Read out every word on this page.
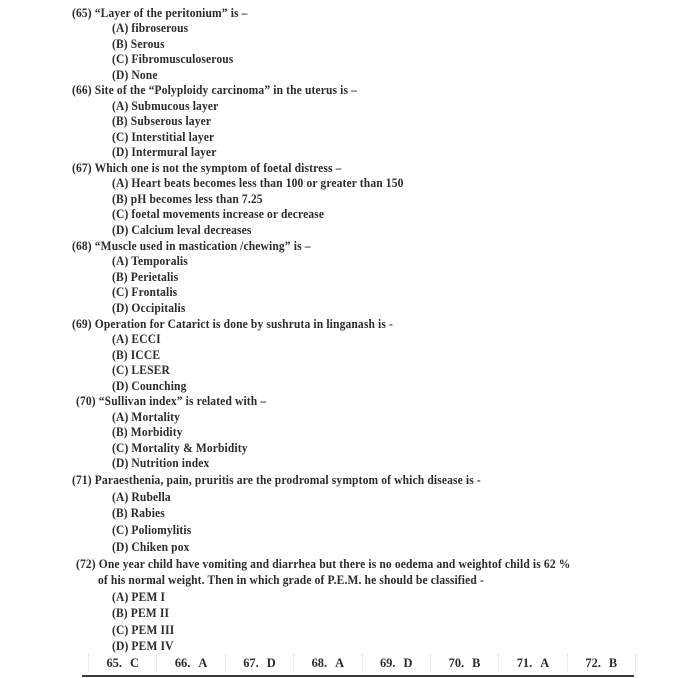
(65) “Layer of the peritonium” is –
(A) fibroserous
(B) Serous
(C) Fibromusculoserous
(D) None
(66) Site of the “Polyploidy carcinoma” in the uterus is –
(A) Submucous layer
(B) Subserous layer
(C) Interstitial layer
(D) Intermural layer
(67) Which one is not the symptom of foetal distress –
(A) Heart beats becomes less than 100 or greater than 150
(B) pH becomes less than 7.25
(C) foetal movements increase or decrease
(D) Calcium leval decreases
(68) “Muscle used in mastication /chewing” is –
(A) Temporalis
(B) Perietalis
(C) Frontalis
(D) Occipitalis
(69) Operation for Catarict is done by sushruta in linganash is -
(A) ECCI
(B) ICCE
(C) LESER
(D) Counching
(70) “Sullivan index” is related with –
(A) Mortality
(B) Morbidity
(C) Mortality & Morbidity
(D) Nutrition index
(71) Paraesthenia, pain, pruritis are the prodromal symptom of which disease is -
(A) Rubella
(B) Rabies
(C) Poliomylitis
(D) Chiken pox
(72) One year child have vomiting and diarrhea but there is no oedema and weightof child is 62 %
of his normal weight. Then in which grade of P.E.M. he should be classified -
(A) PEM I
(B) PEM II
(C) PEM III
(D) PEM IV
65. C	66. A	67. D	68. A	69. D	70. B	71. A	72. B
